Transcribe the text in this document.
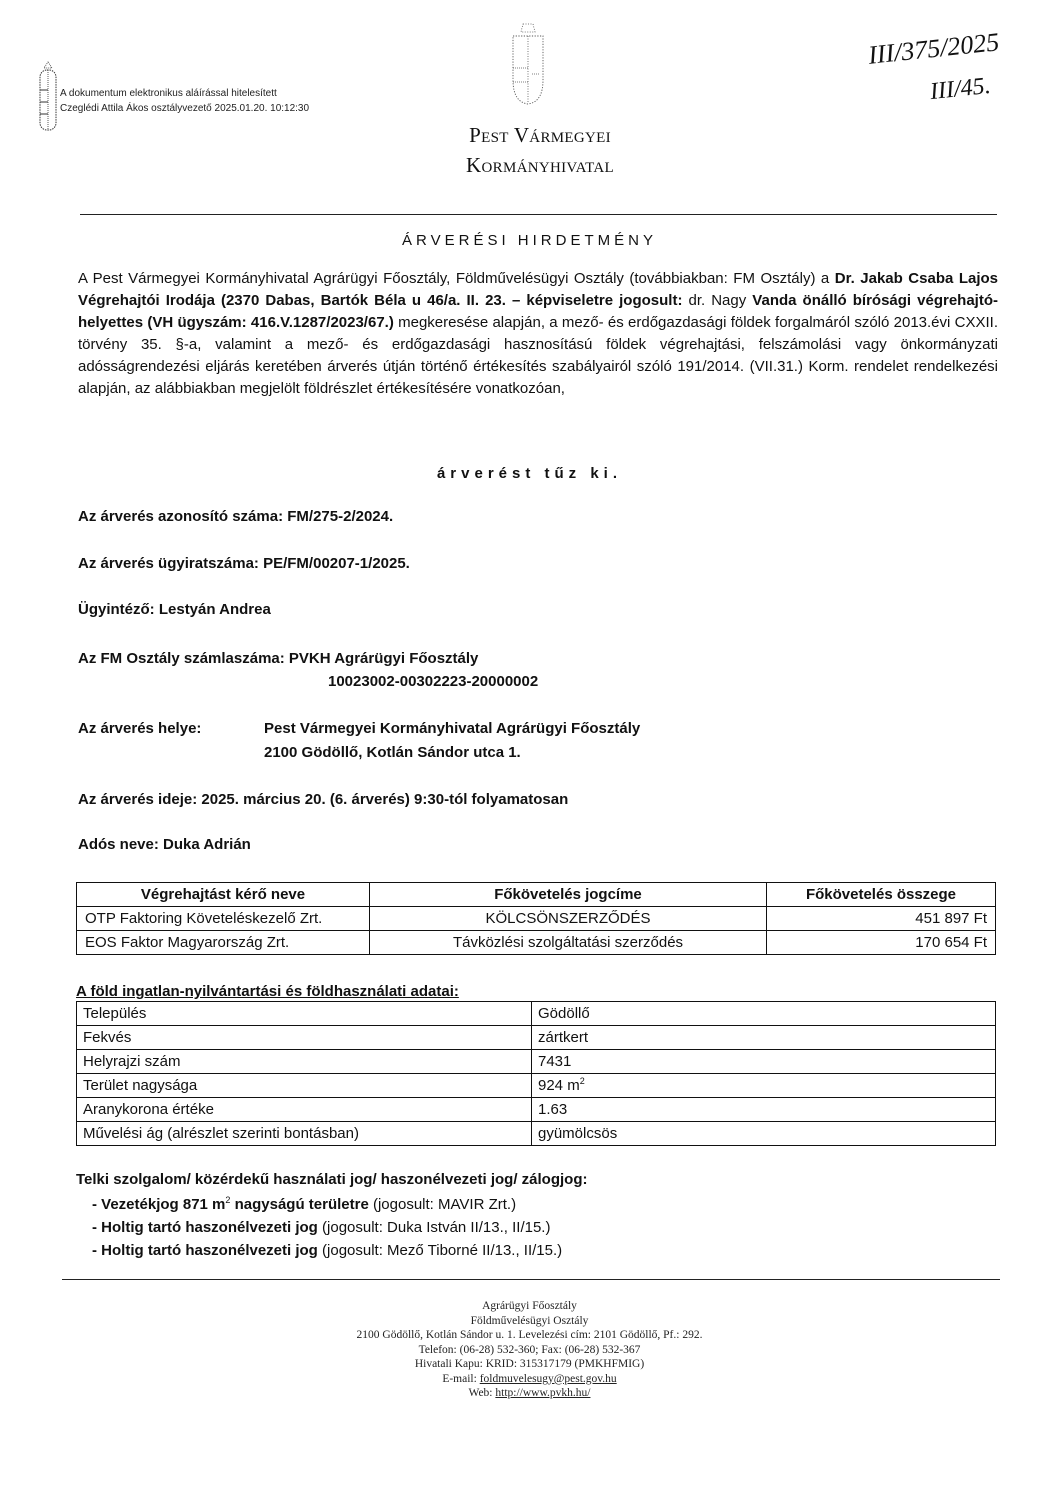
A dokumentum elektronikus aláírással hitelesített
Czeglédi Attila Ákos osztályvezető 2025.01.20. 10:12:30
Pest Vármegyei
Kormányhivatal
III/375/2025
III/45.
ÁRVERÉSI HIRDETMÉNY
A Pest Vármegyei Kormányhivatal Agrárügyi Főosztály, Földművelésügyi Osztály (továbbiakban: FM Osztály) a Dr. Jakab Csaba Lajos Végrehajtói Irodája (2370 Dabas, Bartók Béla u 46/a. II. 23. – képviseletre jogosult: dr. Nagy Vanda önálló bírósági végrehajtó-helyettes (VH ügyszám: 416.V.1287/2023/67.) megkeresése alapján, a mező- és erdőgazdasági földek forgalmáról szóló 2013.évi CXXII. törvény 35. §-a, valamint a mező- és erdőgazdasági hasznosítású földek végrehajtási, felszámolási vagy önkormányzati adósságrendezési eljárás keretében árverés útján történő értékesítés szabályairól szóló 191/2014. (VII.31.) Korm. rendelet rendelkezési alapján, az alábbiakban megjelölt földrészlet értékesítésére vonatkozóan,
árverést tűz ki.
Az árverés azonosító száma: FM/275-2/2024.
Az árverés ügyiratszáma: PE/FM/00207-1/2025.
Ügyintéző: Lestyán Andrea
Az FM Osztály számlaszáma: PVKH Agrárügyi Főosztály
10023002-00302223-20000002
Az árverés helye:	Pest Vármegyei Kormányhivatal Agrárügyi Főosztály
2100 Gödöllő, Kotlán Sándor utca 1.
Az árverés ideje: 2025. március 20. (6. árverés) 9:30-tól folyamatosan
Adós neve: Duka Adrián
Végrehajtást kérő neve	Főkövetelés jogcíme	Főkövetelés összege
OTP Faktoring Követeléskezelő Zrt.	KÖLCSÖNSZERZŐDÉS	451 897 Ft
EOS Faktor Magyarország Zrt.	Távközlési szolgáltatási szerződés	170 654 Ft
A föld ingatlan-nyilvántartási és földhasználati adatai:
Település	Gödöllő
Fekvés	zártkert
Helyrajzi szám	7431
Terület nagysága	924 $m^2$
Aranykorona értéke	1.63
Művelési ág (alrészlet szerinti bontásban)	gyümölcsös
Telki szolgalom/ közérdekű használati jog/ haszonélvezeti jog/ zálogjog:
- Vezetékjog 871 $m^2$ nagyságú területre (jogosult: MAVIR Zrt.)
- Holtig tartó haszonélvezeti jog (jogosult: Duka István II/13., II/15.)
- Holtig tartó haszonélvezeti jog (jogosult: Mező Tiborné II/13., II/15.)
Agrárügyi Főosztály
Földművelésügyi Osztály
2100 Gödöllő, Kotlán Sándor u. 1. Levelezési cím: 2101 Gödöllő, Pf.: 292.
Telefon: (06-28) 532-360; Fax: (06-28) 532-367
Hivatali Kapu: KRID: 315317179 (PMKHFMIG)
E-mail: foldmuvelesugy@pest.gov.hu
Web: http://www.pvkh.hu/
